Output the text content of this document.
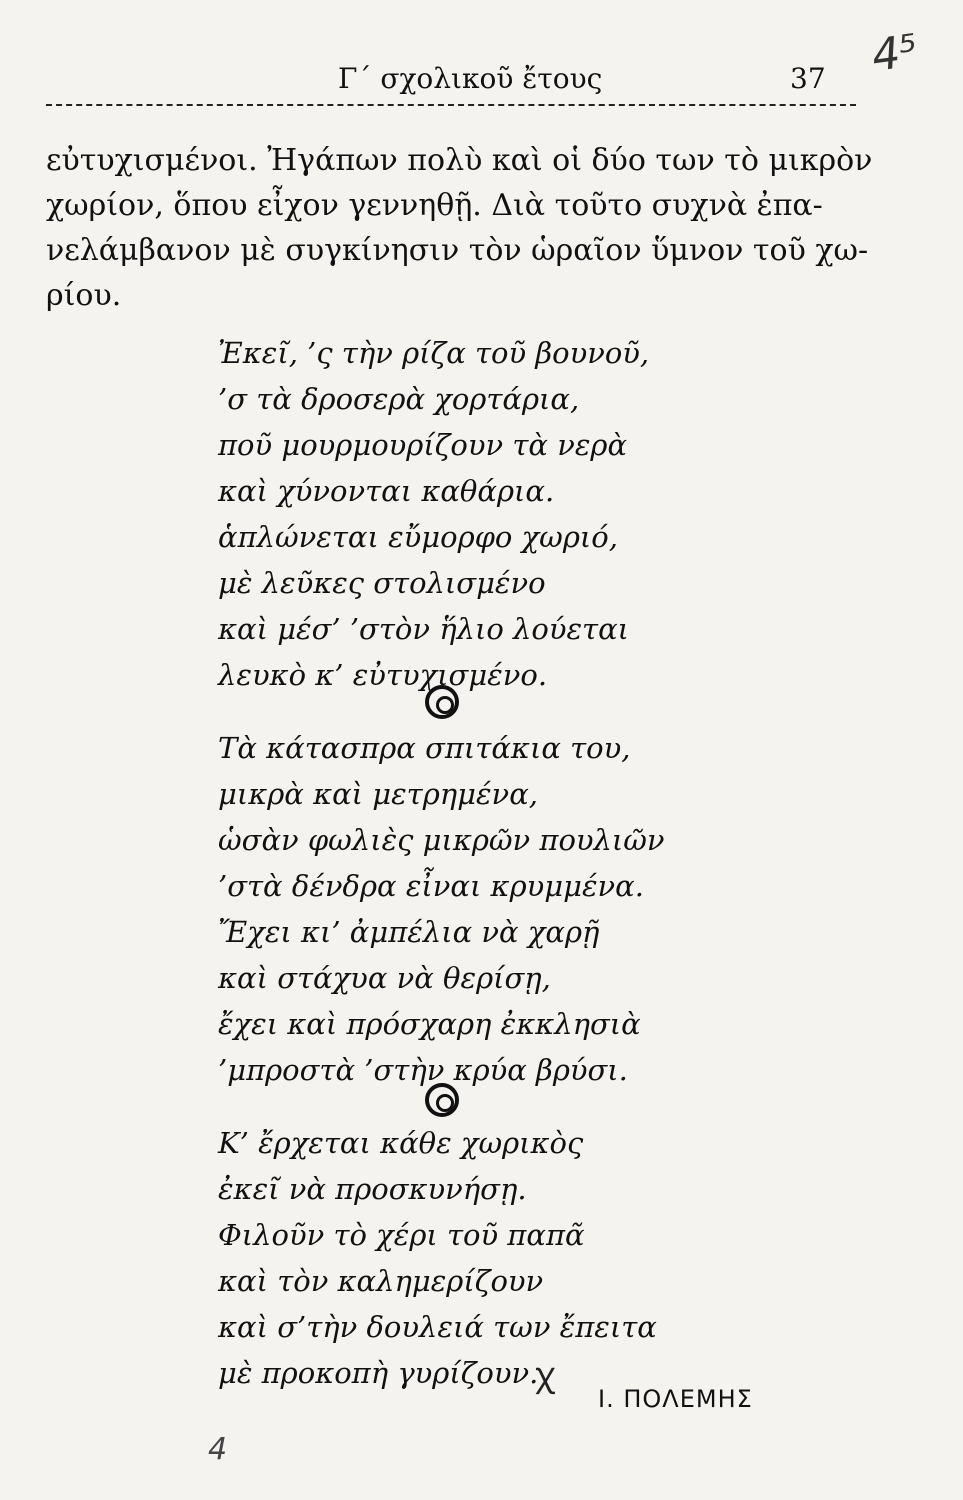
Γ΄ σχολικοῦ ἔτους	37 4⁵
εὐτυχισμένοι. Ἠγάπων πολὺ καὶ οἱ δύο των τὸ μικρὸν
χωρίον, ὅπου εἶχον γεννηθῇ. Διὰ τοῦτο συχνὰ ἐπα-
νελάμβανον μὲ συγκίνησιν τὸν ὡραῖον ὕμνον τοῦ χω-
ρίου.
Ἐκεῖ, ’ς τὴν ρίζα τοῦ βουνοῦ,
’σ τὰ δροσερὰ χορτάρια,
ποῦ μουρμουρίζουν τὰ νερὰ
καὶ χύνονται καθάρια.
ἁπλώνεται εὔμορφο χωριό,
μὲ λεῦκες στολισμένο
καὶ μέσ’ ’στὸν ἥλιο λούεται
λευκὸ κ’ εὐτυχισμένο.
Τὰ κάτασπρα σπιτάκια του,
μικρὰ καὶ μετρημένα,
ὡσὰν φωλιὲς μικρῶν πουλιῶν
’στὰ δένδρα εἶναι κρυμμένα.
Ἔχει κι’ ἀμπέλια νὰ χαρῇ
καὶ στάχυα νὰ θερίσῃ,
ἔχει καὶ πρόσχαρη ἐκκλησιὰ
’μπροστὰ ’στὴν κρύα βρύσι.
Κ’ ἔρχεται κάθε χωρικὸς
ἐκεῖ νὰ προσκυνήσῃ.
Φιλοῦν τὸ χέρι τοῦ παπᾶ
καὶ τὸν καλημερίζουν
καὶ σ’τὴν δουλειά των ἔπειτα
μὲ προκοπὴ γυρίζουν.
ꭓ
Ι. ΠΟΛΕΜΗΣ
4
